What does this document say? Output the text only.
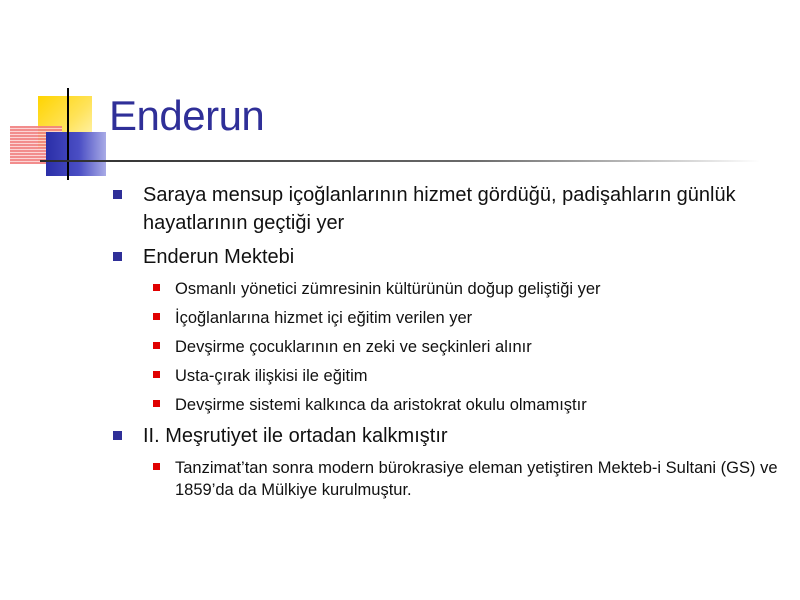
Enderun
Saraya mensup içoğlanlarının hizmet gördüğü, padişahların günlük hayatlarının geçtiği yer
Enderun Mektebi
Osmanlı yönetici zümresinin kültürünün doğup geliştiği yer
İçoğlanlarına hizmet içi eğitim verilen yer
Devşirme çocuklarının en zeki ve seçkinleri alınır
Usta-çırak ilişkisi ile eğitim
Devşirme sistemi kalkınca da aristokrat okulu olmamıştır
II. Meşrutiyet ile ortadan kalkmıştır
Tanzimat’tan sonra modern bürokrasiye eleman yetiştiren Mekteb-i Sultani (GS) ve 1859’da da Mülkiye kurulmuştur.
